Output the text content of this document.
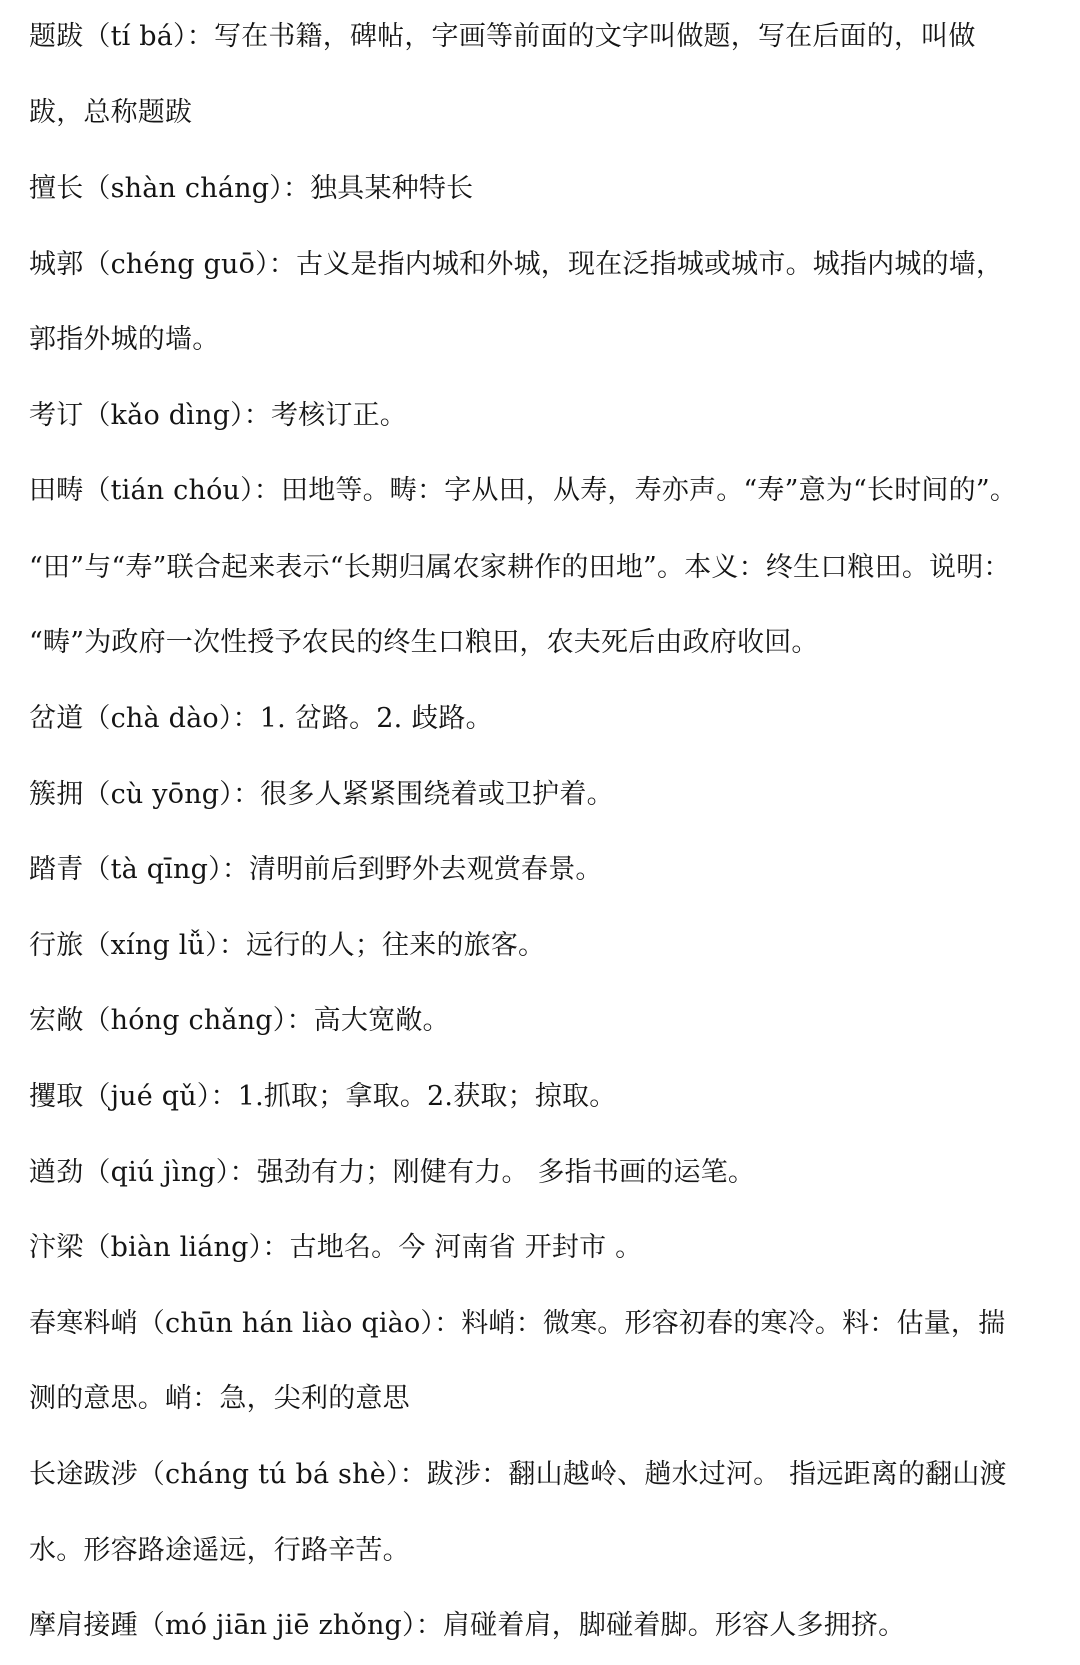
题跋（tí bá）：写在书籍，碑帖，字画等前面的文字叫做题，写在后面的，叫做
跋，总称题跋
擅长（shàn cháng）：独具某种特长
城郭（chéng guō）：古义是指内城和外城，现在泛指城或城市。城指内城的墙，
郭指外城的墙。
考订（kǎo dìng）：考核订正。
田畴（tián chóu）：田地等。畴：字从田，从寿，寿亦声。“寿”意为“长时间的”。
“田”与“寿”联合起来表示“长期归属农家耕作的田地”。本义：终生口粮田。说明：
“畴”为政府一次性授予农民的终生口粮田，农夫死后由政府收回。
岔道（chà dào）：1. 岔路。2. 歧路。
簇拥（cù yōng）：很多人紧紧围绕着或卫护着。
踏青（tà qīng）：清明前后到野外去观赏春景。
行旅（xíng lǚ）：远行的人；往来的旅客。
宏敞（hóng chǎng）：高大宽敞。
攫取（jué qǔ）：1.抓取；拿取。2.获取；掠取。
遒劲（qiú jìng）：强劲有力；刚健有力。 多指书画的运笔。
汴梁（biàn liáng）：古地名。今 河南省 开封市 。
春寒料峭（chūn hán liào qiào）：料峭：微寒。形容初春的寒冷。料：估量，揣
测的意思。峭：急，尖利的意思
长途跋涉（cháng tú bá shè）：跋涉：翻山越岭、趟水过河。 指远距离的翻山渡
水。形容路途遥远，行路辛苦。
摩肩接踵（mó jiān jiē zhǒng）：肩碰着肩，脚碰着脚。形容人多拥挤。
